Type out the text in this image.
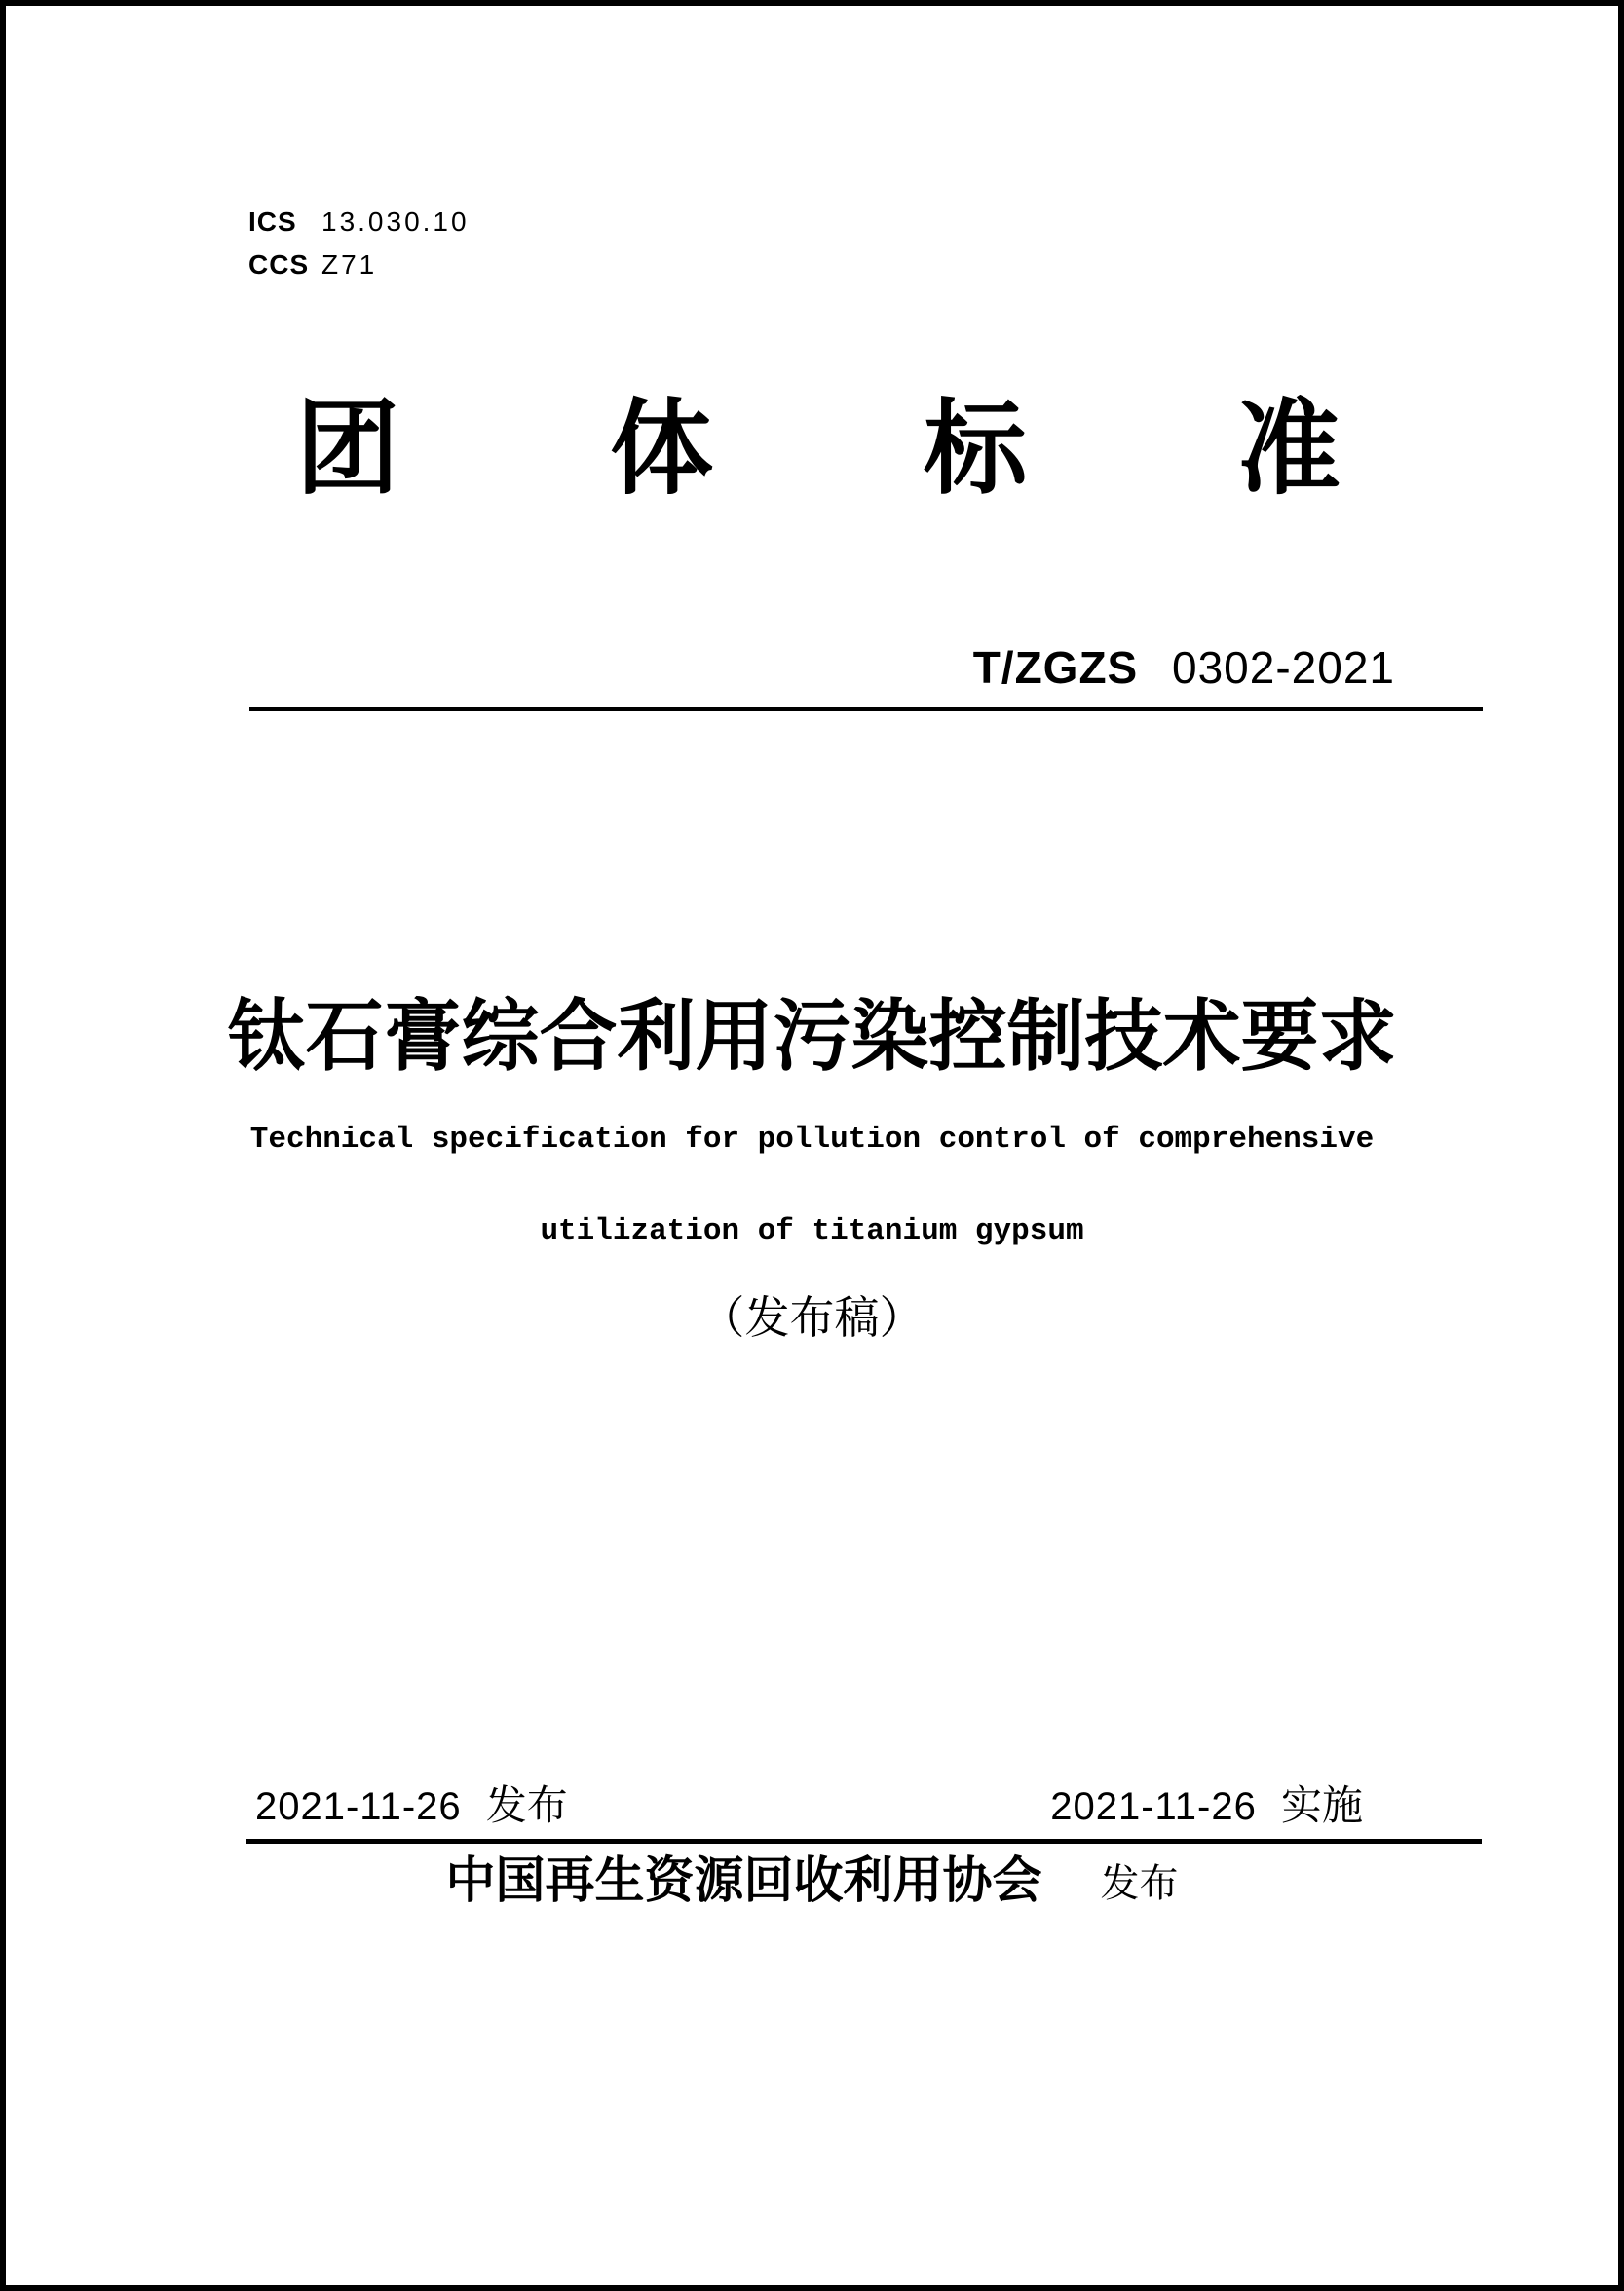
ICS 13.030.10
CCS Z71
团 体 标 准
T/ZGZS 0302-2021
钛石膏综合利用污染控制技术要求
Technical specification for pollution control of comprehensive
utilization of titanium gypsum
（发布稿）
2021-11-26 发布	2021-11-26 实施
中国再生资源回收利用协会 发布
